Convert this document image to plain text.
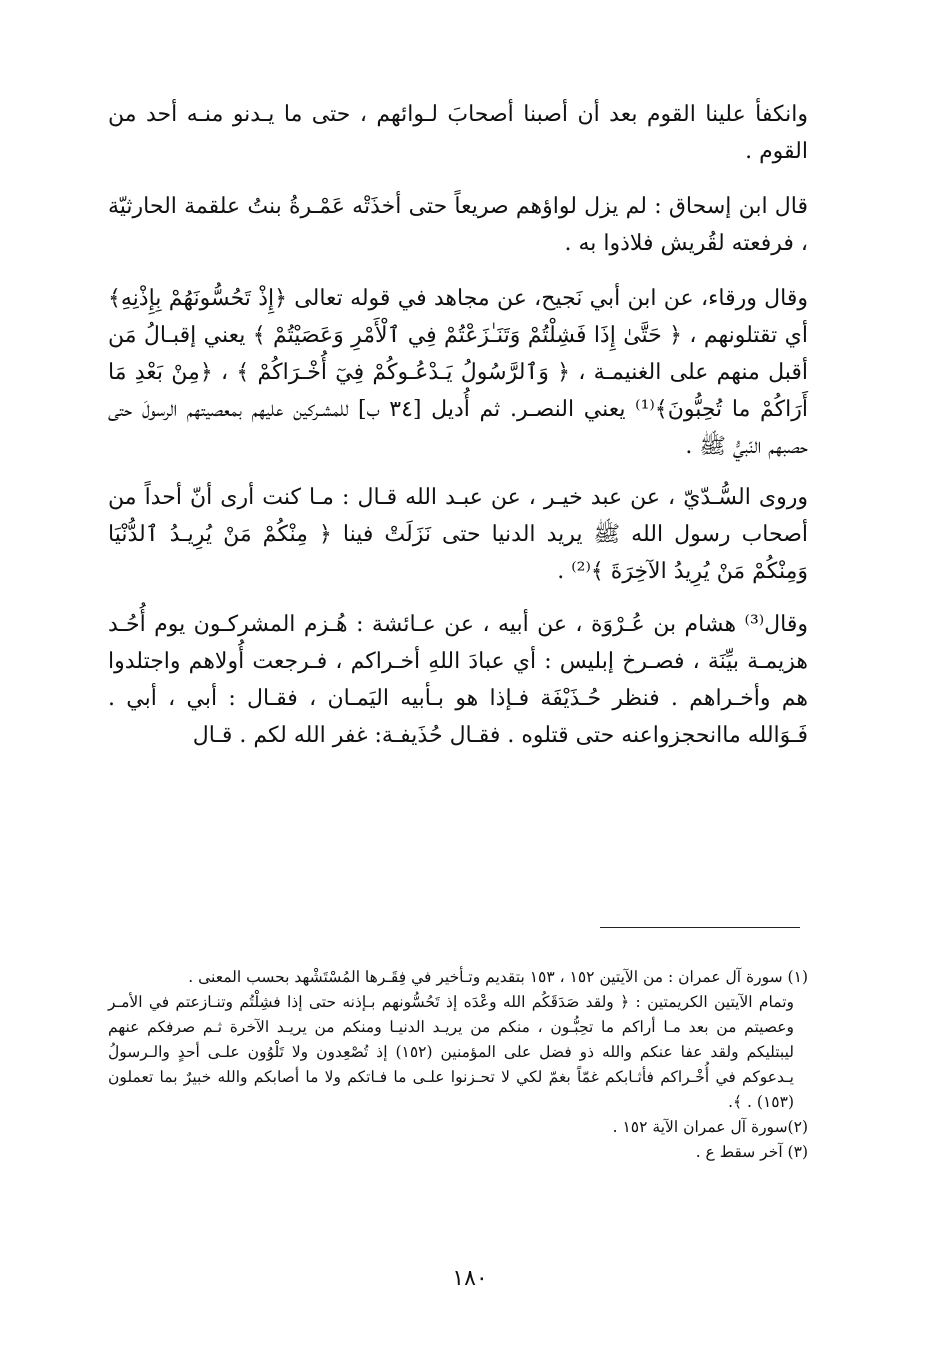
وانكفأ علينا القوم بعد أن أصبنا أصحابَ لـوائهم ، حتى ما يـدنو منـه أحد من القوم .

قال ابن إسحاق : لم يزل لواؤهم صريعاً حتى أخذَتْه عَمْـرةُ بنتُ علقمة الحارثيّة ، فرفعته لقُريش فلاذوا به .

وقال ورقاء، عن ابن أبي نَجيح، عن مجاهد في قوله تعالى ﴿إِذْ تَحُسُّونَهُمْ بِإِذْنِهِ﴾ أي تقتلونهم ، ﴿ حَتَّىٰ إِذَا فَشِلْتُمْ وَتَنَـٰزَعْتُمْ فِي ٱلْأَمْرِ وَعَصَيْتُمْ ﴾ يعني إقبـالُ مَن أقبل منهم على الغنيمـة ، ﴿ وَٱلرَّسُولُ يَـدْعُـوكُمْ فِيٓ أُخْـرَاكُمْ ﴾ ، ﴿مِنْ بَعْدِ مَا أَرَاكُمْ ما تُحِبُّونَ﴾⁽¹⁾ يعني النصـر. ثم أُديل [٣٤ ب] للمشـركين عليهم بمعصيتهم الرسولَ حتى حصبهم النّبيُّ ﷺ .

وروى السُّـدّيّ ، عن عبد خيـر ، عن عبـد الله قـال : مـا كنت أرى أنّ أحداً من أصحاب رسول الله ﷺ يريد الدنيا حتى نَزَلَتْ فينا ﴿ مِنْكُمْ مَنْ يُرِيـدُ ٱلدُّنْيَا وَمِنْكُمْ مَنْ يُرِيدُ الآخِرَةَ ﴾⁽²⁾ .

وقال⁽³⁾ هشام بن عُـرْوَة ، عن أبيه ، عن عـائشة : هُـزم المشركـون يوم أُحُـد هزيمـة بيِّنَة ، فصـرخ إبليس : أي عبادَ اللهِ أخـراكم ، فـرجعت أُولاهم واجتلدوا هم وأخـراهم . فنظر حُـذَيْفَة فـإذا هو بـأبيه اليَمـان ، فقـال : أبي ، أبي . فَـوَالله ماانحجزواعنه حتى قتلوه . فقـال حُذَيفـة: غفر الله لكم . قـال

(١) سورة آل عمران : من الآيتين ١٥٢ ، ١٥٣ بتقديم وتـأخير في فِقَـرها المُسْتَشْهد بحسب المعنى .

وتمام الآيتين الكريمتين : ﴿ ولقد صَدَقَكُم الله وعْدَه إذ تَحُسُّونهم بـإذنه حتى إذا فشِلْتُم وتنـازعتم في الأمـر وعصيتم من بعد مـا أراكم ما تحِبُّـون ، منكم من يريـد الدنيـا ومنكم من يريـد الآخرة ثـم صرفكم عنهم ليبتليكم ولقد عفا عنكم والله ذو فضل على المؤمنين (١٥٢) إذ تُصْعِدون ولا تَلْوُون علـى أحدٍ والـرسولُ يـدعوكم في أُخْـراكم فأثـابكم غمّاً بغمّ لكي لا تحـزنوا علـى ما فـاتكم ولا ما أصابكم والله خبيرٌ بما تعملون (١٥٣) . ﴾.

(٢)سورة آل عمران الآية ١٥٢ .

(٣) آخر سقط ع .

١٨٠
